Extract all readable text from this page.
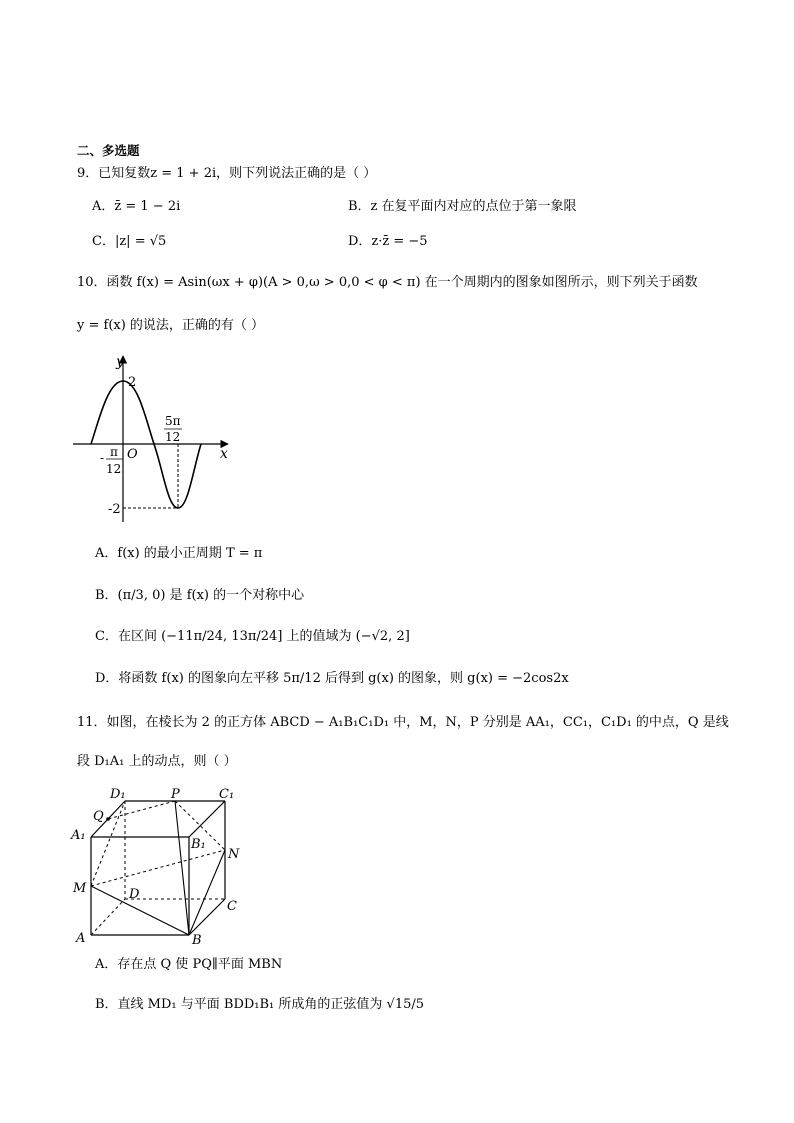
二、多选题
9．已知复数z = 1 + 2i，则下列说法正确的是（ ）
A．z̄ = 1 − 2i	B．z 在复平面内对应的点位于第一象限
C．|z| = √5	D．z·z̄ = −5
10．函数 f(x) = Asin(ωx + φ)(A > 0,ω > 0,0 < φ < π) 在一个周期内的图象如图所示，则下列关于函数
y = f(x) 的说法，正确的有（ ）
y
x
2
-2
O
- π
12
5π
12
A．f(x) 的最小正周期 T = π
B．(π/3, 0) 是 f(x) 的一个对称中心
C．在区间 (−11π/24, 13π/24] 上的值域为 (−√2, 2]
D．将函数 f(x) 的图象向左平移 5π/12 后得到 g(x) 的图象，则 g(x) = −2cos2x
11．如图，在棱长为 2 的正方体 ABCD − A₁B₁C₁D₁ 中，M，N，P 分别是 AA₁，CC₁，C₁D₁ 的中点，Q 是线
段 D₁A₁ 上的动点，则（ ）
D₁	P	C₁
Q
A₁
B₁
N
M	D
C
A	B
A．存在点 Q 使 PQ∥平面 MBN
B．直线 MD₁ 与平面 BDD₁B₁ 所成角的正弦值为 √15/5
